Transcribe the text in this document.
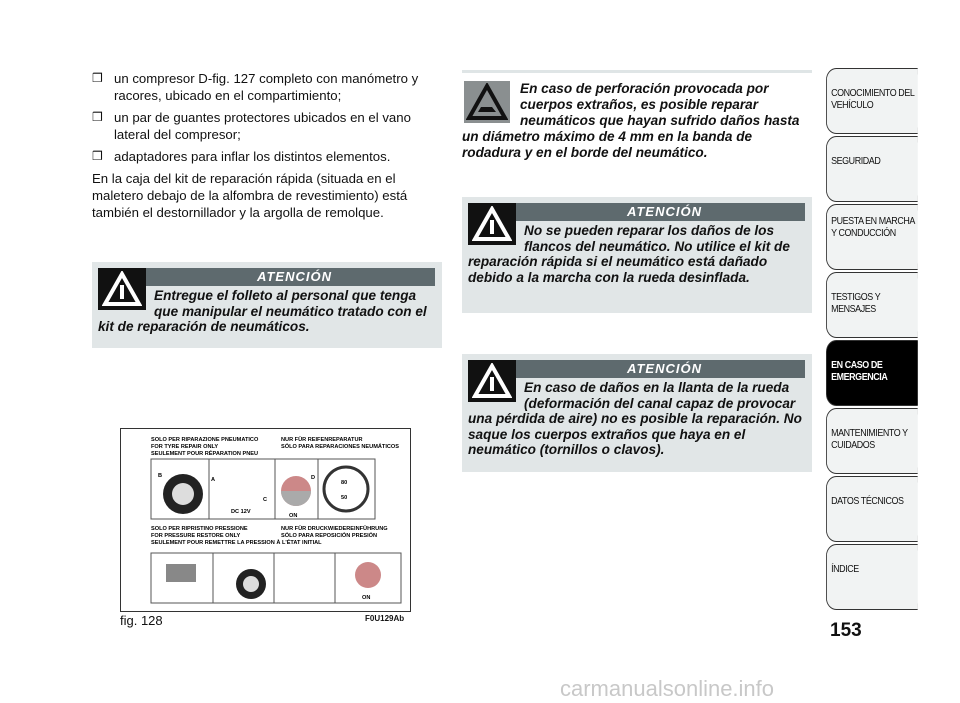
❒ un compresor D-fig. 127 completo con manómetro y racores, ubicado en el compartimiento;
❒ un par de guantes protectores ubicados en el vano lateral del compresor;
❒ adaptadores para inflar los distintos elementos.

En la caja del kit de reparación rápida (situada en el maletero debajo de la alfombra de revestimiento) está también el destornillador y la argolla de remolque.

ATENCIÓN
Entregue el folleto al personal que tenga que manipular el neumático tratado con el kit de reparación de neumáticos.
En caso de perforación provocada por cuerpos extraños, es posible reparar neumáticos que hayan sufrido daños hasta un diámetro máximo de 4 mm en la banda de rodadura y en el borde del neumático.
ATENCIÓN
No se pueden reparar los daños de los flancos del neumático. No utilice el kit de reparación rápida si el neumático está dañado debido a la marcha con la rueda desinflada.
ATENCIÓN
En caso de daños en la llanta de la rueda (deformación del canal capaz de provocar una pérdida de aire) no es posible la reparación. No saque los cuerpos extraños que haya en el neumático (tornillos o clavos).
SOLO PER RIPARAZIONE PNEUMATICO
FOR TYRE REPAIR ONLY
SEULEMENT POUR RÉPARATION PNEU
NUR FÜR REIFENREPARATUR
SÓLO PARA REPARACIONES NEUMÁTICOS
B
A
C
D
DC 12V
ON
80
50
SOLO PER RIPRISTINO PRESSIONE
FOR PRESSURE RESTORE ONLY
SEULEMENT POUR REMETTRE LA PRESSION À L'ÉTAT INITIAL
NUR FÜR DRUCKWIEDEREINFÜHRUNG
SÓLO PARA REPOSICIÓN PRESIÓN
ON
fig. 128	F0U129Ab
CONOCIMIENTO DEL VEHÍCULO
SEGURIDAD
PUESTA EN MARCHA Y CONDUCCIÓN
TESTIGOS Y MENSAJES
EN CASO DE EMERGENCIA
MANTENIMIENTO Y CUIDADOS
DATOS TÉCNICOS
ÍNDICE
153
carmanualsonline.info
